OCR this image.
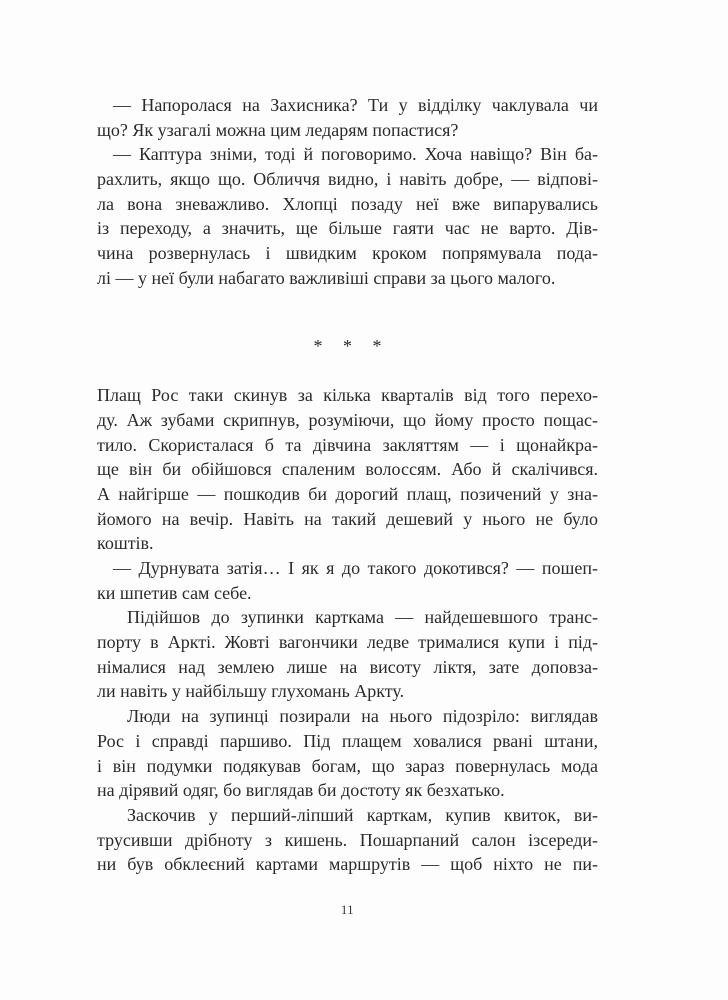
— Напоролася на Захисника? Ти у відділку чаклувала чи
що? Як узагалі можна цим ледарям попастися?

— Каптура зніми, тоді й поговоримо. Хоча навіщо? Він ба-
рахлить, якщо що. Обличчя видно, і навіть добре, — відпові-
ла вона зневажливо. Хлопці позаду неї вже випарувались
із переходу, а значить, ще більше гаяти час не варто. Дів-
чина розвернулась і швидким кроком попрямувала пода-
лі — у неї були набагато важливіші справи за цього малого.

* * *

Плащ Рос таки скинув за кілька кварталів від того перехо-
ду. Аж зубами скрипнув, розуміючи, що йому просто пощас-
тило. Скористалася б та дівчина закляттям — і щонайкра-
ще він би обійшовся спаленим волоссям. Або й скалічився.
А найгірше — пошкодив би дорогий плащ, позичений у зна-
йомого на вечір. Навіть на такий дешевий у нього не було
коштів.

— Дурнувата затія… І як я до такого докотився? — пошеп-
ки шпетив сам себе.

Підійшов до зупинки карткама — найдешевшого транс-
порту в Аркті. Жовті вагончики ледве трималися купи і під-
німалися над землею лише на висоту ліктя, зате доповза-
ли навіть у найбільшу глухомань Аркту.

Люди на зупинці позирали на нього підозріло: виглядав
Рос і справді паршиво. Під плащем ховалися рвані штани,
і він подумки подякував богам, що зараз повернулась мода
на дірявий одяг, бо виглядав би достоту як безхатько.

Заскочив у перший-ліпший карткам, купив квиток, ви-
трусивши дрібноту з кишень. Пошарпаний салон ізсереди-
ни був обклеєний картами маршрутів — щоб ніхто не пи-

11
